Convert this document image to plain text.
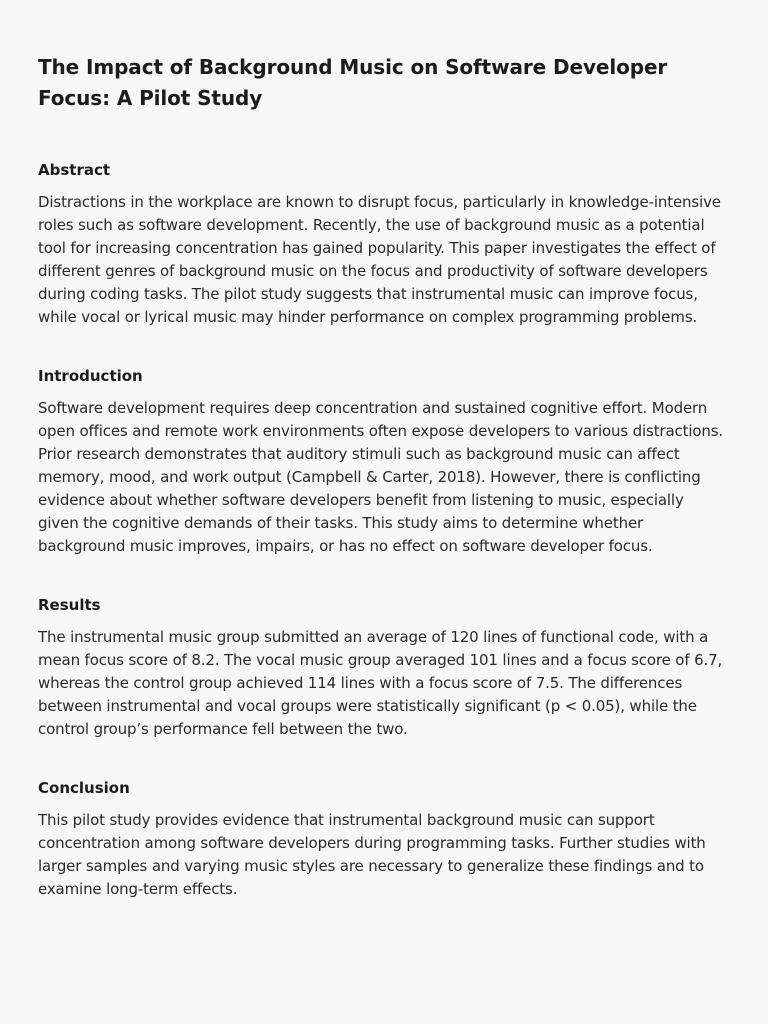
The Impact of Background Music on Software Developer Focus: A Pilot Study
Abstract

Distractions in the workplace are known to disrupt focus, particularly in knowledge-intensive roles such as software development. Recently, the use of background music as a potential tool for increasing concentration has gained popularity. This paper investigates the effect of different genres of background music on the focus and productivity of software developers during coding tasks. The pilot study suggests that instrumental music can improve focus, while vocal or lyrical music may hinder performance on complex programming problems.

Introduction

Software development requires deep concentration and sustained cognitive effort. Modern open offices and remote work environments often expose developers to various distractions. Prior research demonstrates that auditory stimuli such as background music can affect memory, mood, and work output (Campbell & Carter, 2018). However, there is conflicting evidence about whether software developers benefit from listening to music, especially given the cognitive demands of their tasks. This study aims to determine whether background music improves, impairs, or has no effect on software developer focus.

Results

The instrumental music group submitted an average of 120 lines of functional code, with a mean focus score of 8.2. The vocal music group averaged 101 lines and a focus score of 6.7, whereas the control group achieved 114 lines with a focus score of 7.5. The differences between instrumental and vocal groups were statistically significant (p < 0.05), while the control group’s performance fell between the two.

Conclusion

This pilot study provides evidence that instrumental background music can support concentration among software developers during programming tasks. Further studies with larger samples and varying music styles are necessary to generalize these findings and to examine long-term effects.
